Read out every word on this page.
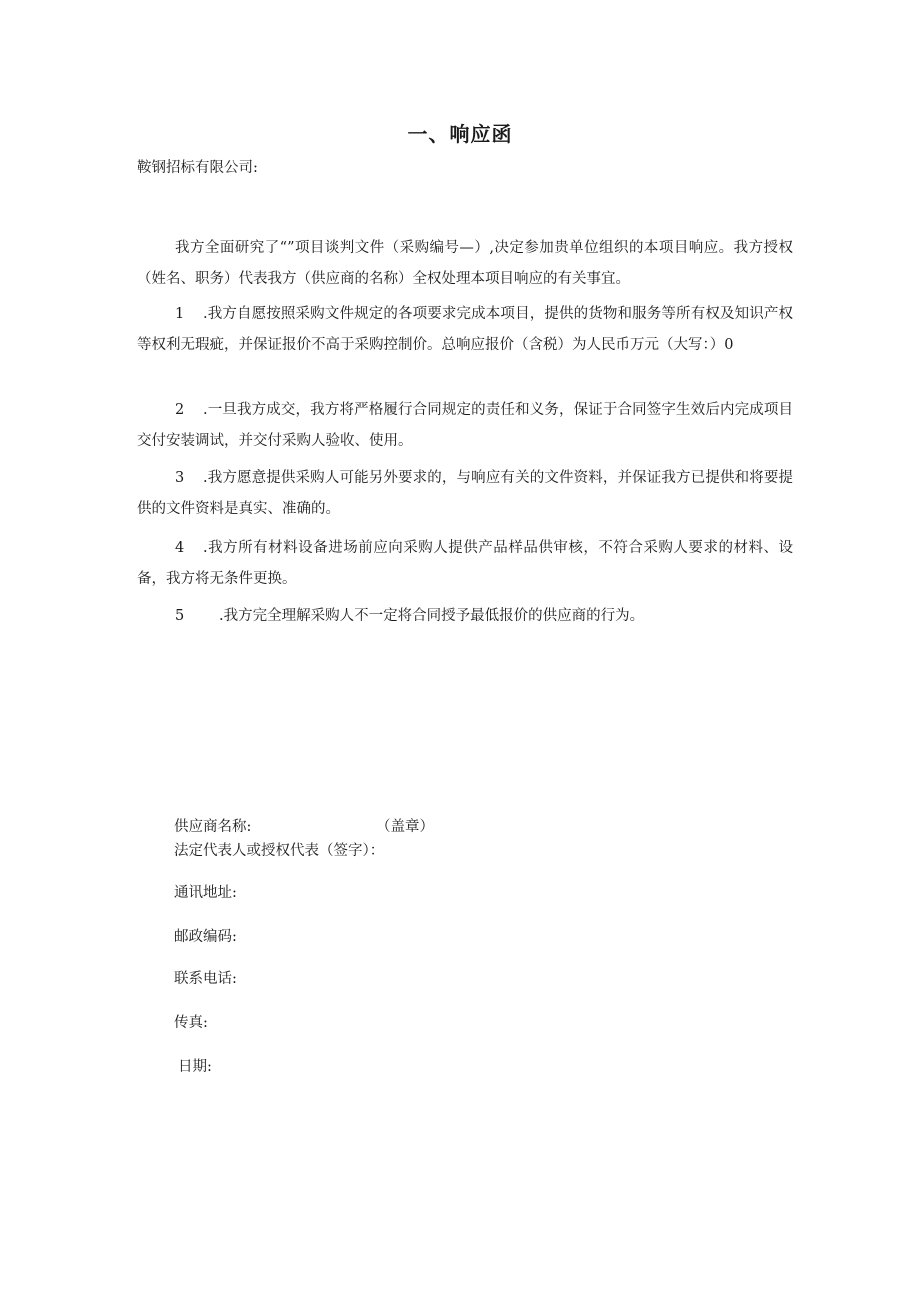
一、响应函

鞍钢招标有限公司:

我方全面研究了“”项目谈判文件（采购编号—）,决定参加贵单位组织的本项目响应。我方授权（姓名、职务）代表我方（供应商的名称）全权处理本项目响应的有关事宜。

1 .我方自愿按照采购文件规定的各项要求完成本项目，提供的货物和服务等所有权及知识产权等权利无瑕疵，并保证报价不高于采购控制价。总响应报价（含税）为人民币万元（大写：）0

2 .一旦我方成交，我方将严格履行合同规定的责任和义务，保证于合同签字生效后内完成项目交付安装调试，并交付采购人验收、使用。

3 .我方愿意提供采购人可能另外要求的，与响应有关的文件资料，并保证我方已提供和将要提供的文件资料是真实、准确的。

4 .我方所有材料设备进场前应向采购人提供产品样品供审核，不符合采购人要求的材料、设备，我方将无条件更换。

5 .我方完全理解采购人不一定将合同授予最低报价的供应商的行为。

供应商名称:	（盖章）

法定代表人或授权代表（签字）：

通讯地址:

邮政编码:

联系电话:

传真:

日期:
